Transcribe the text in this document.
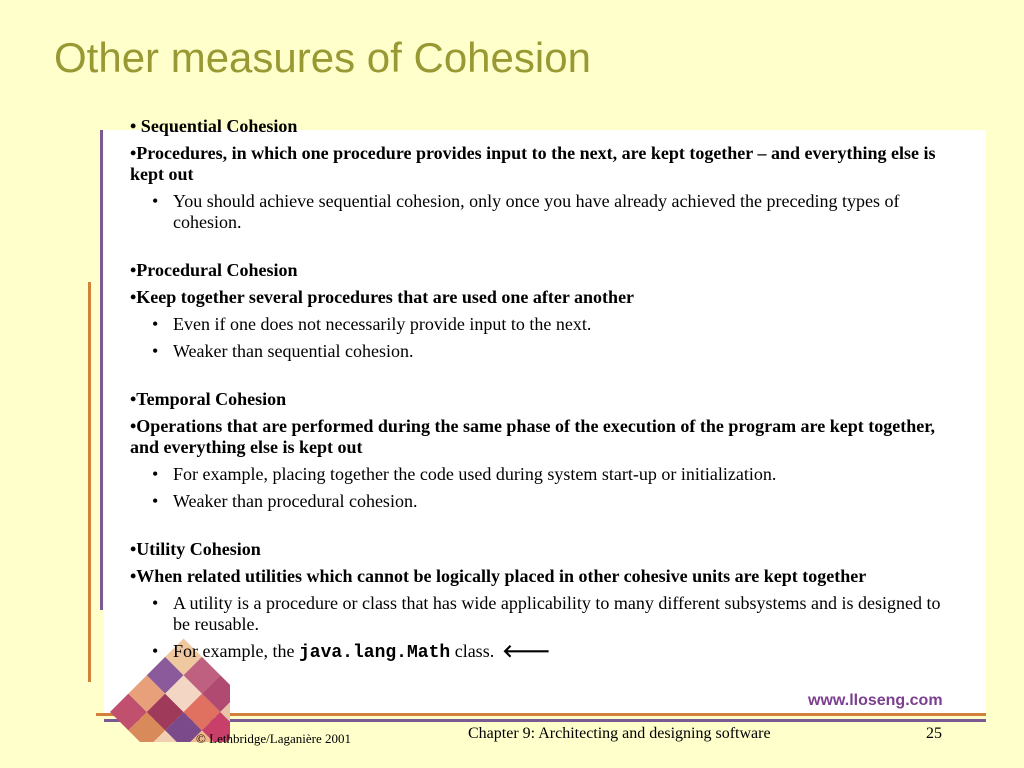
Other measures of Cohesion

• Sequential Cohesion

•Procedures, in which one procedure provides input to the next, are kept together – and everything else is kept out

• You should achieve sequential cohesion, only once you have already achieved the preceding types of cohesion.

•Procedural Cohesion

•Keep together several procedures that are used one after another

• Even if one does not necessarily provide input to the next.

• Weaker than sequential cohesion.

•Temporal Cohesion

•Operations that are performed during the same phase of the execution of the program are kept together, and everything else is kept out

• For example, placing together the code used during system start-up or initialization.

• Weaker than procedural cohesion.

•Utility Cohesion

•When related utilities which cannot be logically placed in other cohesive units are kept together

• A utility is a procedure or class that has wide applicability to many different subsystems and is designed to be reusable.

• For example, the java.lang.Math class. 🡐

www.lloseng.com
© Lethbridge/Laganière 2001	Chapter 9: Architecting and designing software	25
